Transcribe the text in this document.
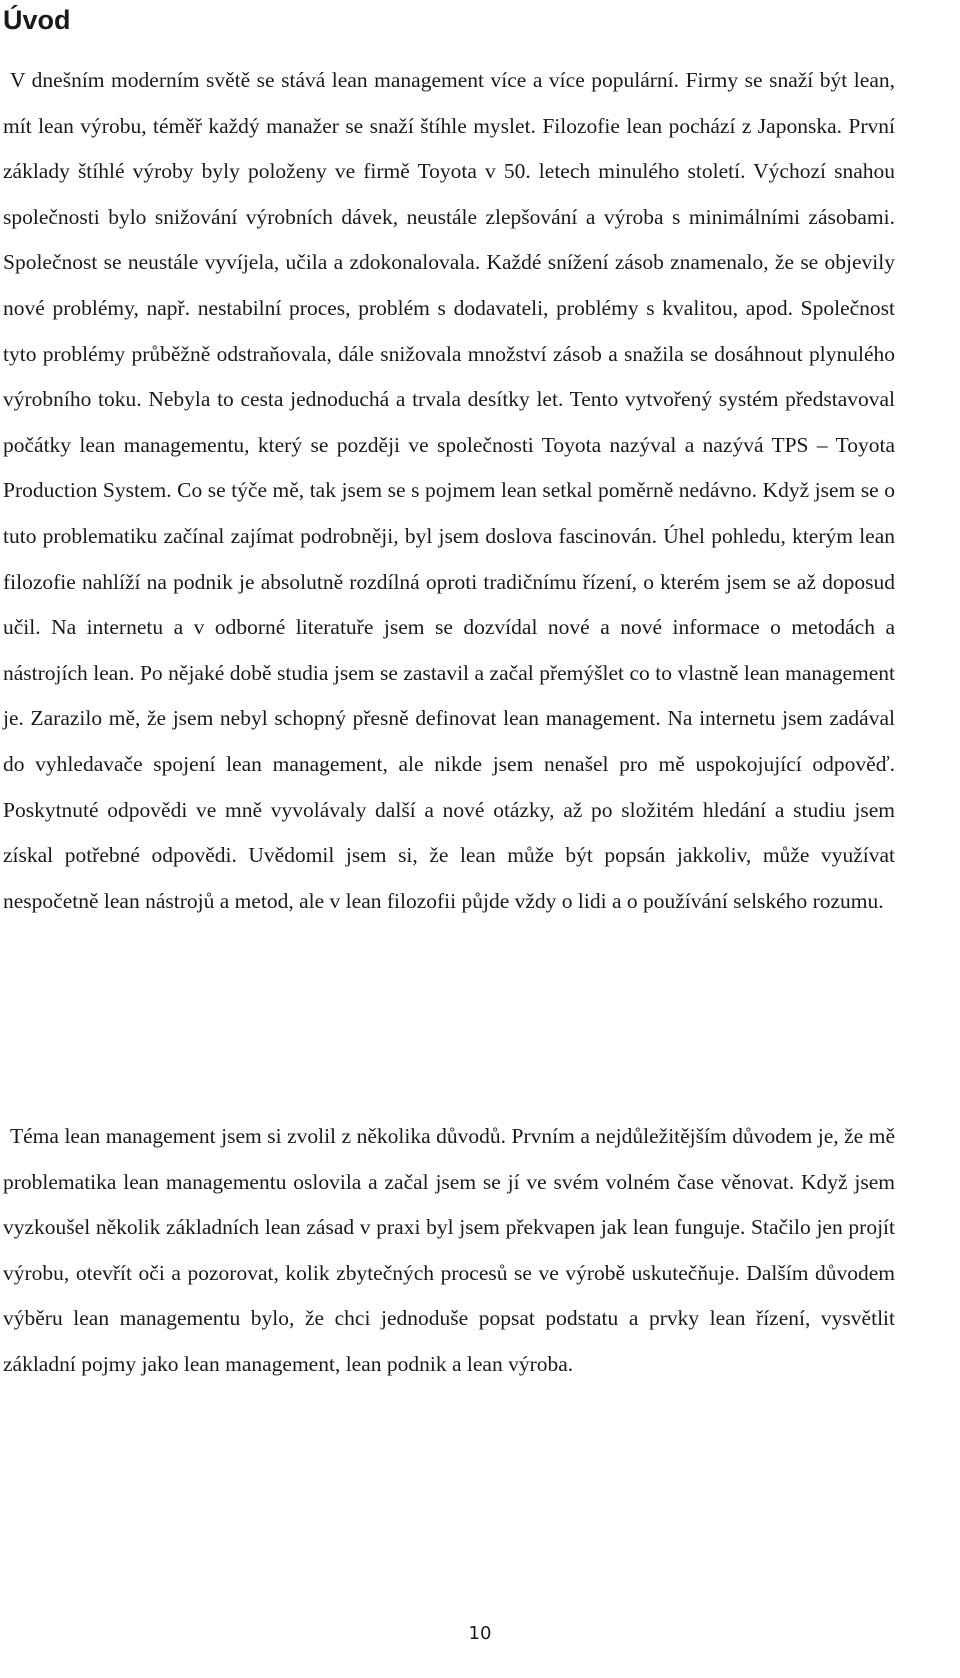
Úvod

V dnešním moderním světě se stává lean management více a více populární. Firmy se snaží být lean, mít lean výrobu, téměř každý manažer se snaží štíhle myslet. Filozofie lean pochází z Japonska. První základy štíhlé výroby byly položeny ve firmě Toyota v 50. letech minulého století. Výchozí snahou společnosti bylo snižování výrobních dávek, neustále zlepšování a výroba s minimálními zásobami. Společnost se neustále vyvíjela, učila a zdokonalovala. Každé snížení zásob znamenalo, že se objevily nové problémy, např. nestabilní proces, problém s dodavateli, problémy s kvalitou, apod. Společnost tyto problémy průběžně odstraňovala, dále snižovala množství zásob a snažila se dosáhnout plynulého výrobního toku. Nebyla to cesta jednoduchá a trvala desítky let. Tento vytvořený systém představoval počátky lean managementu, který se později ve společnosti Toyota nazýval a nazývá TPS – Toyota Production System. Co se týče mě, tak jsem se s pojmem lean setkal poměrně nedávno. Když jsem se o tuto problematiku začínal zajímat podrobněji, byl jsem doslova fascinován. Úhel pohledu, kterým lean filozofie nahlíží na podnik je absolutně rozdílná oproti tradičnímu řízení, o kterém jsem se až doposud učil. Na internetu a v odborné literatuře jsem se dozvídal nové a nové informace o metodách a nástrojích lean. Po nějaké době studia jsem se zastavil a začal přemýšlet co to vlastně lean management je. Zarazilo mě, že jsem nebyl schopný přesně definovat lean management. Na internetu jsem zadával do vyhledavače spojení lean management, ale nikde jsem nenašel pro mě uspokojující odpověď. Poskytnuté odpovědi ve mně vyvolávaly další a nové otázky, až po složitém hledání a studiu jsem získal potřebné odpovědi. Uvědomil jsem si, že lean může být popsán jakkoliv, může využívat nespočetně lean nástrojů a metod, ale v lean filozofii půjde vždy o lidi a o používání selského rozumu.

Téma lean management jsem si zvolil z několika důvodů. Prvním a nejdůležitějším důvodem je, že mě problematika lean managementu oslovila a začal jsem se jí ve svém volném čase věnovat. Když jsem vyzkoušel několik základních lean zásad v praxi byl jsem překvapen jak lean funguje. Stačilo jen projít výrobu, otevřít oči a pozorovat, kolik zbytečných procesů se ve výrobě uskutečňuje. Dalším důvodem výběru lean managementu bylo, že chci jednoduše popsat podstatu a prvky lean řízení, vysvětlit základní pojmy jako lean management, lean podnik a lean výroba.

10
